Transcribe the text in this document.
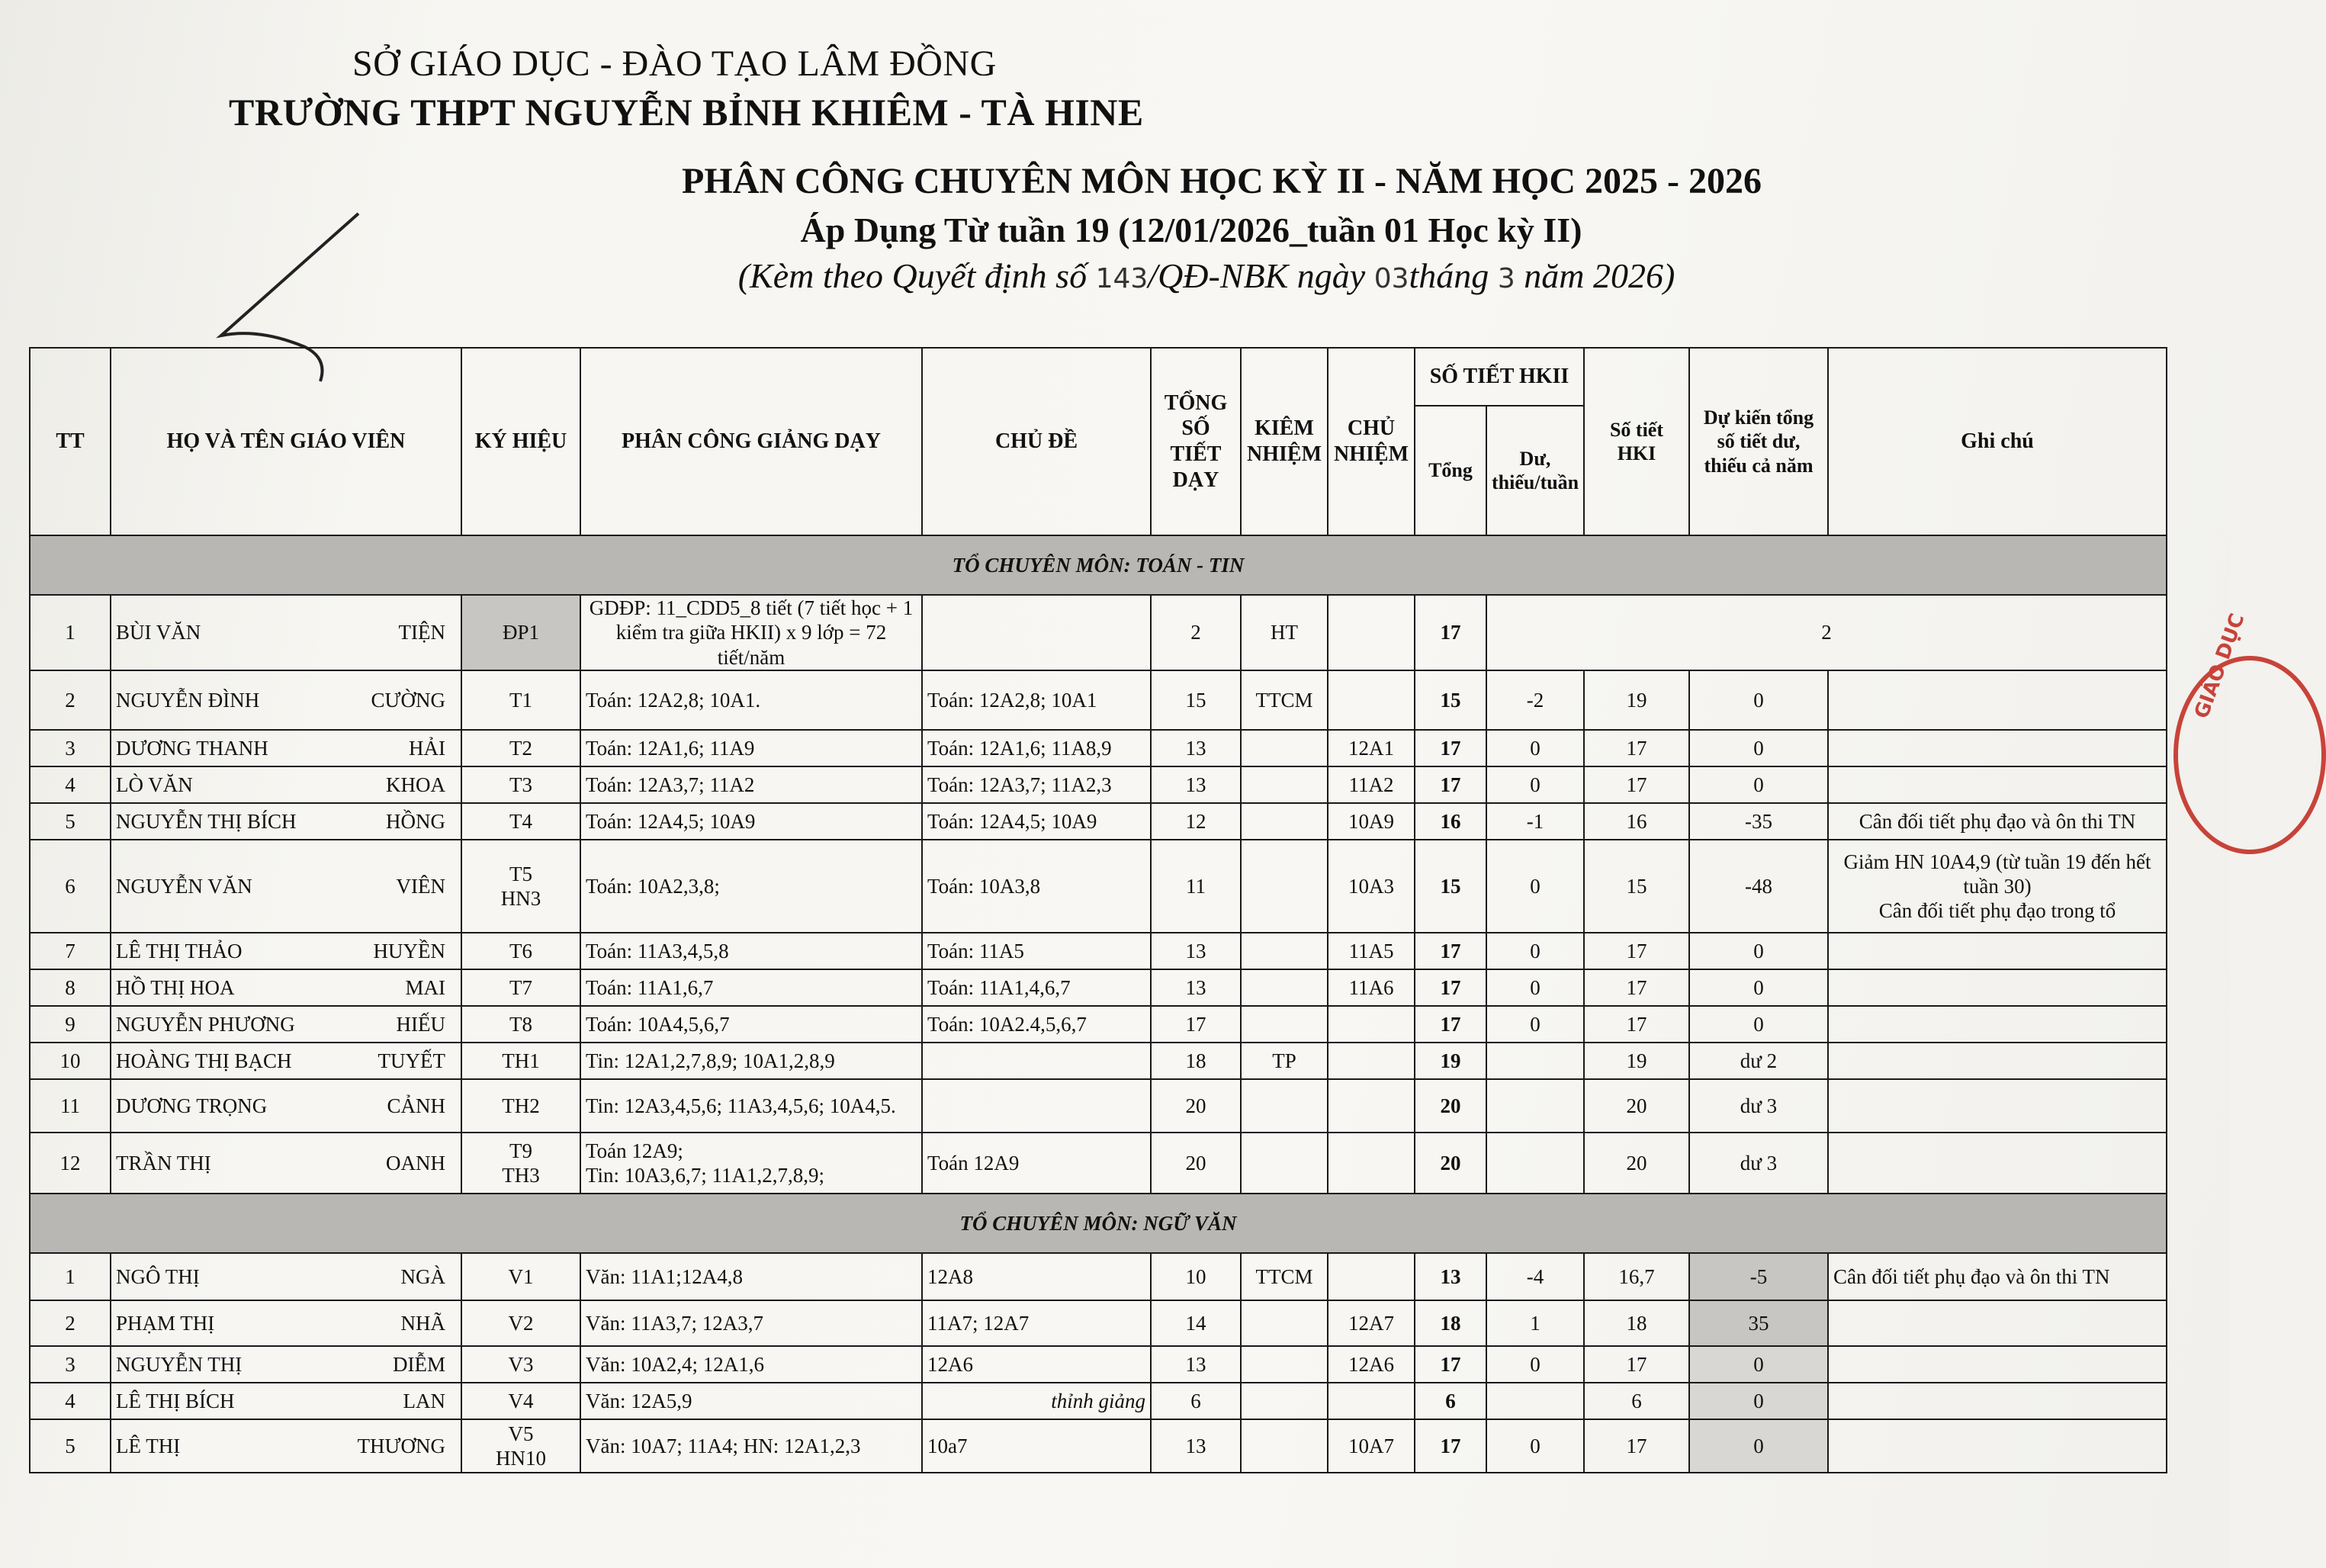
SỞ GIÁO DỤC - ĐÀO TẠO LÂM ĐỒNG
TRƯỜNG THPT NGUYỄN BỈNH KHIÊM - TÀ HINE
PHÂN CÔNG CHUYÊN MÔN HỌC KỲ II - NĂM HỌC 2025 - 2026
Áp Dụng Từ tuần 19 (12/01/2026_tuần 01 Học kỳ II)
(Kèm theo Quyết định số 143/QĐ-NBK ngày 03tháng 3 năm 2026)
GIÁO DỤC
TT	HỌ VÀ TÊN GIÁO VIÊN	KÝ HIỆU	PHÂN CÔNG GIẢNG DẠY	CHỦ ĐỀ	TỔNG SỐ TIẾT DẠY	KIÊM NHIỆM	CHỦ NHIỆM	SỐ TIẾT HKII		Số tiết HKI	Dự kiến tổng số tiết dư, thiếu cả năm	Ghi chú	
								Tổng	Dư, thiếu/tuần				
TỔ CHUYÊN MÔN: TOÁN - TIN													
1	BÙI VĂN TIỆN	ĐP1	GDĐP: 11_CDD5_8 tiết (7 tiết học + 1 kiểm tra giữa HKII) x 9 lớp = 72 tiết/năm		2	HT		17	2	
2	NGUYỄN ĐÌNH CƯỜNG	T1	Toán: 12A2,8; 10A1.	Toán: 12A2,8; 10A1	15	TTCM		15	-2	19	0		
3	DƯƠNG THANH HẢI	T2	Toán: 12A1,6; 11A9	Toán: 12A1,6; 11A8,9	13		12A1	17	0	17	0		
4	LÒ VĂN KHOA	T3	Toán: 12A3,7; 11A2	Toán: 12A3,7; 11A2,3	13		11A2	17	0	17	0		
5	NGUYỄN THỊ BÍCH HỒNG	T4	Toán: 12A4,5; 10A9	Toán: 12A4,5; 10A9	12		10A9	16	-1	16	-35	Cân đối tiết phụ đạo và ôn thi TN	
6	NGUYỄN VĂN VIÊN	T5
HN3	Toán: 10A2,3,8;	Toán: 10A3,8	11		10A3	15	0	15	-48	Giảm HN 10A4,9 (từ tuần 19 đến hết tuần 30)
Cân đối tiết phụ đạo trong tổ	
7	LÊ THỊ THẢO HUYỀN	T6	Toán: 11A3,4,5,8	Toán: 11A5	13		11A5	17	0	17	0		
8	HỒ THỊ HOA MAI	T7	Toán: 11A1,6,7	Toán: 11A1,4,6,7	13		11A6	17	0	17	0		
9	NGUYỄN PHƯƠNG HIẾU	T8	Toán: 10A4,5,6,7	Toán: 10A2.4,5,6,7	17			17	0	17	0		
10	HOÀNG THỊ BẠCH TUYẾT	TH1	Tin: 12A1,2,7,8,9; 10A1,2,8,9		18	TP		19		19	dư 2		
11	DƯƠNG TRỌNG CẢNH	TH2	Tin: 12A3,4,5,6; 11A3,4,5,6; 10A4,5.		20			20		20	dư 3		
12	TRẦN THỊ OANH	T9
TH3	Toán 12A9;
Tin: 10A3,6,7; 11A1,2,7,8,9;	Toán 12A9	20			20		20	dư 3		
TỔ CHUYÊN MÔN: NGỮ VĂN													
1	NGÔ THỊ NGÀ	V1	Văn: 11A1;12A4,8	12A8	10	TTCM		13	-4	16,7	-5	Cân đối tiết phụ đạo và ôn thi TN	
2	PHẠM THỊ NHÃ	V2	Văn: 11A3,7; 12A3,7	11A7; 12A7	14		12A7	18	1	18	35		
3	NGUYỄN THỊ DIỄM	V3	Văn: 10A2,4; 12A1,6	12A6	13		12A6	17	0	17	0		
4	LÊ THỊ BÍCH LAN	V4	Văn: 12A5,9	thỉnh giảng	6			6		6	0		
5	LÊ THỊ THƯƠNG	V5
HN10	Văn: 10A7; 11A4; HN: 12A1,2,3	10a7	13		10A7	17	0	17	0		
